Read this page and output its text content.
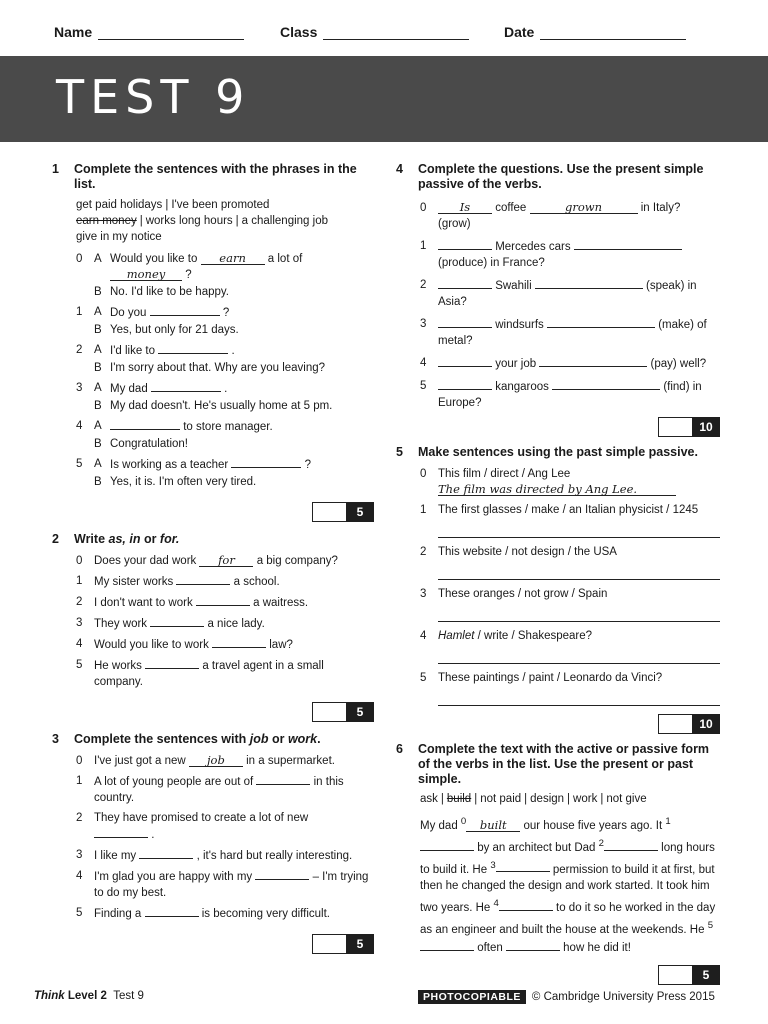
Name	Class	Date
TEST 9
1	Complete the sentences with the phrases in the list.
get paid holidays | I've been promoted
earn money | works long hours | a challenging job
give in my notice
0	A Would you like to earn a lot of
money ?
B No. I'd like to be happy.
1	A Do you	?
B Yes, but only for 21 days.
2	A I'd like to	.
B I'm sorry about that. Why are you leaving?
3	A My dad	.
B My dad doesn't. He's usually home at 5 pm.
4	A	to store manager.
B Congratulation!
5	A Is working as a teacher	?
B Yes, it is. I'm often very tired.
5
2	Write as, in or for.
0	Does your dad work for a big company?
1	My sister works	a school.
2	I don't want to work	a waitress.
3	They work	a nice lady.
4	Would you like to work	law?
5	He works	a travel agent in a small company.
5
3	Complete the sentences with job or work.
0	I've just got a new job in a supermarket.
1	A lot of young people are out of	in this country.
2	They have promised to create a lot of new
.
3	I like my	, it's hard but really interesting.
4	I'm glad you are happy with my	– I'm trying to do my best.
5	Finding a	is becoming very difficult.
5
4	Complete the questions. Use the present simple passive of the verbs.
0	Is coffee	grown	in Italy?
(grow)
1	Mercedes cars
(produce) in France?
2	Swahili	(speak) in Asia?
3	windsurfs	(make) of metal?
4	your job	(pay) well?
5	kangaroos	(find) in Europe?
10
5	Make sentences using the past simple passive.
0	This film / direct / Ang Lee
The film was directed by Ang Lee.
1	The first glasses / make / an Italian physicist / 1245
2	This website / not design / the USA
3	These oranges / not grow / Spain
4	Hamlet / write / Shakespeare?
5	These paintings / paint / Leonardo da Vinci?
10
6	Complete the text with the active or passive form of the verbs in the list. Use the present or past simple.
ask | build | not paid | design | work | not give
My dad $^0$ built our house five years ago. It $^1$ by an architect but Dad $^2$	long hours to build it. He $^3$	permission to build it at first, but then he changed the design and work started. It took him two years. He $^4$	to do it so he worked in the day as an engineer and built the house at the weekends. He $^5$ often	how he did it!
5
Think Level 2 Test 9	PHOTOCOPIABLE © Cambridge University Press 2015
